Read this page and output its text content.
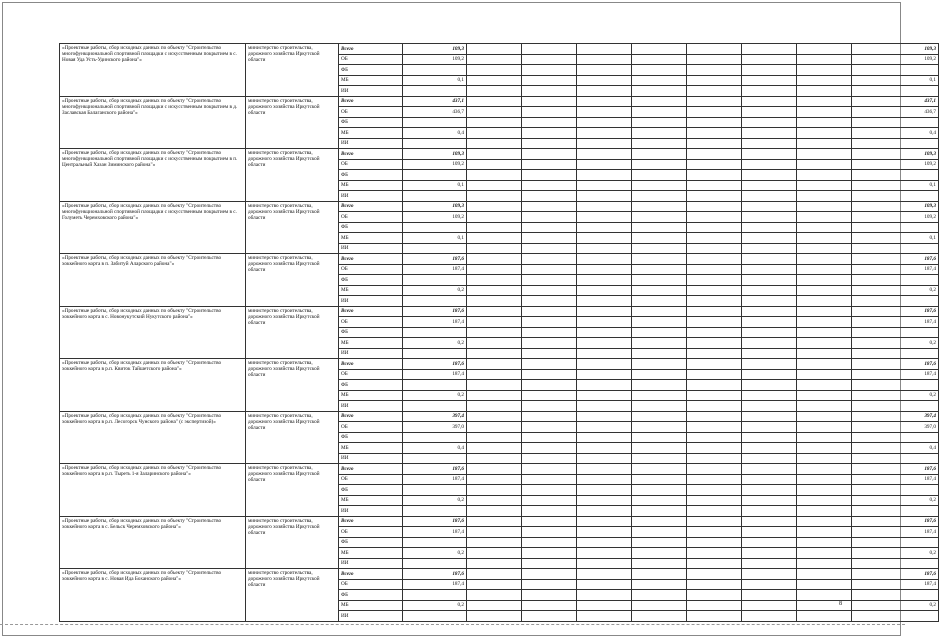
«Проектные работы, сбор исходных данных по объекту "Строительство многофункциональной спортивной площадки с искусственным покрытием в с. Новая Уда Усть-Удинского района"»	министерство строительства, дорожного хозяйства Иркутской области	Всего	109,3								109,3
		ОБ	109,2								109,2
		ФБ									
		МБ	0,1								0,1
		ИИ									
«Проектные работы, сбор исходных данных по объекту "Строительство многофункциональной спортивной площадки с искусственным покрытием в д. Заславская Балаганского района"»	министерство строительства, дорожного хозяйства Иркутской области	Всего	437,1								437,1
		ОБ	436,7								436,7
		ФБ									
		МБ	0,4								0,4
		ИИ									
«Проектные работы, сбор исходных данных по объекту "Строительство многофункциональной спортивной площадки с искусственным покрытием в п. Центральный Хазан Зиминского района"»	министерство строительства, дорожного хозяйства Иркутской области	Всего	109,3								109,3
		ОБ	109,2								109,2
		ФБ									
		МБ	0,1								0,1
		ИИ									
«Проектные работы, сбор исходных данных по объекту "Строительство многофункциональной спортивной площадки с искусственным покрытием в с. Голуметь Черемховского района"»	министерство строительства, дорожного хозяйства Иркутской области	Всего	109,3								109,3
		ОБ	109,2								109,2
		ФБ									
		МБ	0,1								0,1
		ИИ									
«Проектные работы, сбор исходных данных по объекту "Строительство хоккейного корта в п. Забитуй Аларского района"»	министерство строительства, дорожного хозяйства Иркутской области	Всего	187,6								187,6
		ОБ	187,4								187,4
		ФБ									
		МБ	0,2								0,2
		ИИ									
«Проектные работы, сбор исходных данных по объекту "Строительство хоккейного корта в с. Новонукутский Нукутского района"»	министерство строительства, дорожного хозяйства Иркутской области	Всего	187,6								187,6
		ОБ	187,4								187,4
		ФБ									
		МБ	0,2								0,2
		ИИ									
«Проектные работы, сбор исходных данных по объекту "Строительство хоккейного корта в р.п. Квиток Тайшетского района"»	министерство строительства, дорожного хозяйства Иркутской области	Всего	187,6								187,6
		ОБ	187,4								187,4
		ФБ									
		МБ	0,2								0,2
		ИИ									
«Проектные работы, сбор исходных данных по объекту "Строительство хоккейного корта в р.п. Лесогорск Чунского района" (с экспертизой)»	министерство строительства, дорожного хозяйства Иркутской области	Всего	397,4								397,4
		ОБ	397,0								397,0
		ФБ									
		МБ	0,4								0,4
		ИИ									
«Проектные работы, сбор исходных данных по объекту "Строительство хоккейного корта в р.п. Тыреть 1-я Заларинского района"»	министерство строительства, дорожного хозяйства Иркутской области	Всего	187,6								187,6
		ОБ	187,4								187,4
		ФБ									
		МБ	0,2								0,2
		ИИ									
«Проектные работы, сбор исходных данных по объекту "Строительство хоккейного корта в с. Бельск Черемховского района"»	министерство строительства, дорожного хозяйства Иркутской области	Всего	187,6								187,6
		ОБ	187,4								187,4
		ФБ									
		МБ	0,2								0,2
		ИИ									
«Проектные работы, сбор исходных данных по объекту "Строительство хоккейного корта в с. Новая Ида Боханского района"»	министерство строительства, дорожного хозяйства Иркутской области	Всего	187,6								187,6
		ОБ	187,4								187,4
		ФБ									
		МБ	0,2								0,2
		ИИ									
8
